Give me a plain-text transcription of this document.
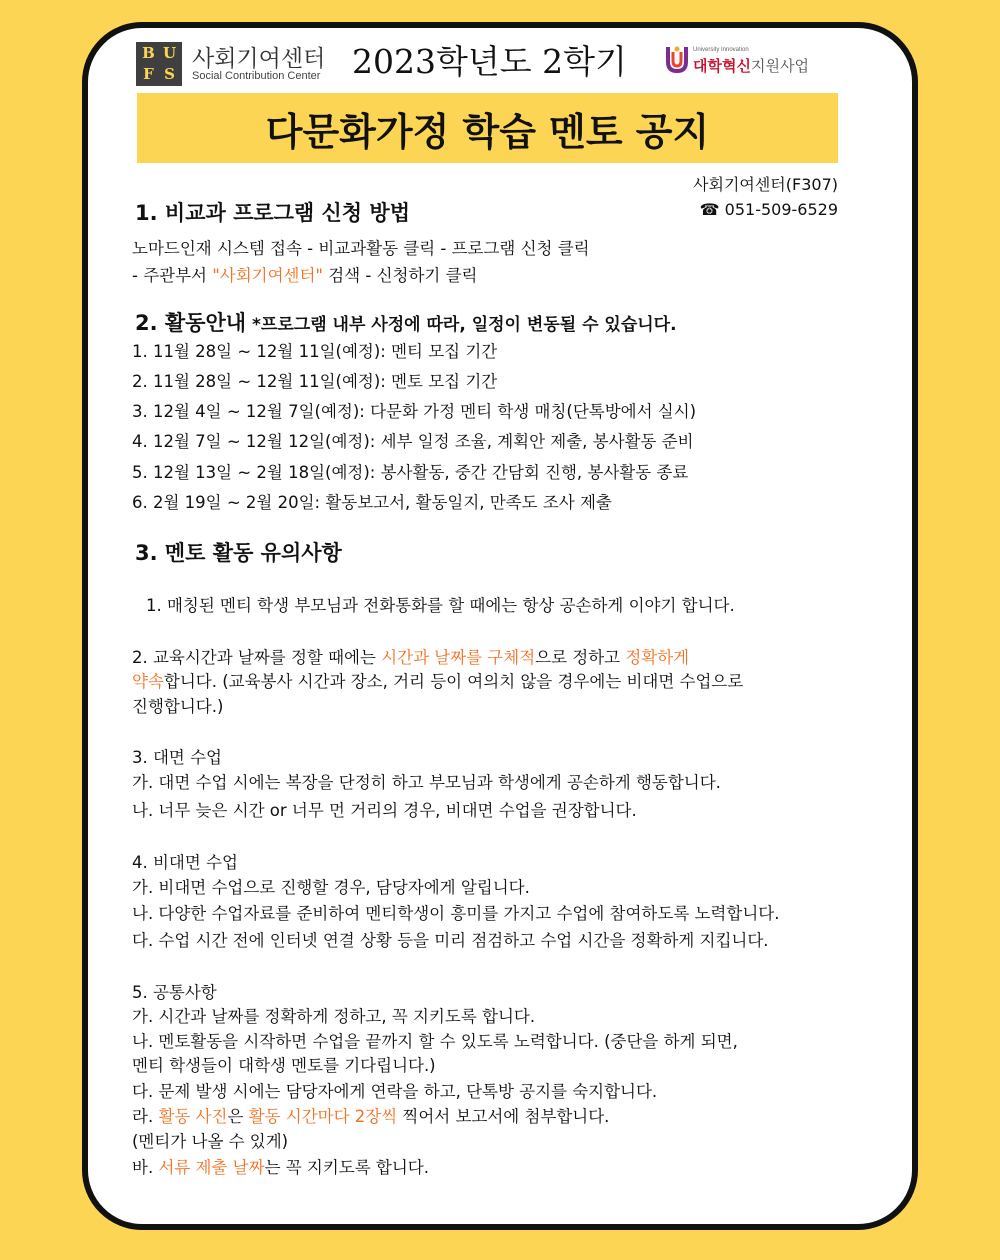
B U
F S
사회기여센터
Social Contribution Center 2023학년도 2학기	University Innovation
대학혁신지원사업
다문화가정 학습 멘토 공지
사회기여센터(F307)
☎ 051-509-6529
1. 비교과 프로그램 신청 방법
노마드인재 시스템 접속 - 비교과활동 클릭 - 프로그램 신청 클릭
- 주관부서 "사회기여센터" 검색 - 신청하기 클릭
2. 활동안내 *프로그램 내부 사정에 따라, 일정이 변동될 수 있습니다.
1. 11월 28일 ~ 12월 11일(예정): 멘티 모집 기간
2. 11월 28일 ~ 12월 11일(예정): 멘토 모집 기간
3. 12월 4일 ~ 12월 7일(예정): 다문화 가정 멘티 학생 매칭(단톡방에서 실시)
4. 12월 7일 ~ 12월 12일(예정): 세부 일정 조율, 계획안 제출, 봉사활동 준비
5. 12월 13일 ~ 2월 18일(예정): 봉사활동, 중간 간담회 진행, 봉사활동 종료
6. 2월 19일 ~ 2월 20일: 활동보고서, 활동일지, 만족도 조사 제출
3. 멘토 활동 유의사항
1. 매칭된 멘티 학생 부모님과 전화통화를 할 때에는 항상 공손하게 이야기 합니다.
2. 교육시간과 날짜를 정할 때에는 시간과 날짜를 구체적으로 정하고 정확하게
약속합니다. (교육봉사 시간과 장소, 거리 등이 여의치 않을 경우에는 비대면 수업으로
진행합니다.)
3. 대면 수업
가. 대면 수업 시에는 복장을 단정히 하고 부모님과 학생에게 공손하게 행동합니다.
나. 너무 늦은 시간 or 너무 먼 거리의 경우, 비대면 수업을 권장합니다.
4. 비대면 수업
가. 비대면 수업으로 진행할 경우, 담당자에게 알립니다.
나. 다양한 수업자료를 준비하여 멘티학생이 흥미를 가지고 수업에 참여하도록 노력합니다.
다. 수업 시간 전에 인터넷 연결 상황 등을 미리 점검하고 수업 시간을 정확하게 지킵니다.
5. 공통사항
가. 시간과 날짜를 정확하게 정하고, 꼭 지키도록 합니다.
나. 멘토활동을 시작하면 수업을 끝까지 할 수 있도록 노력합니다. (중단을 하게 되면,
멘티 학생들이 대학생 멘토를 기다립니다.)
다. 문제 발생 시에는 담당자에게 연락을 하고, 단톡방 공지를 숙지합니다.
라. 활동 사진은 활동 시간마다 2장씩 찍어서 보고서에 첨부합니다.
(멘티가 나올 수 있게)
바. 서류 제출 날짜는 꼭 지키도록 합니다.
